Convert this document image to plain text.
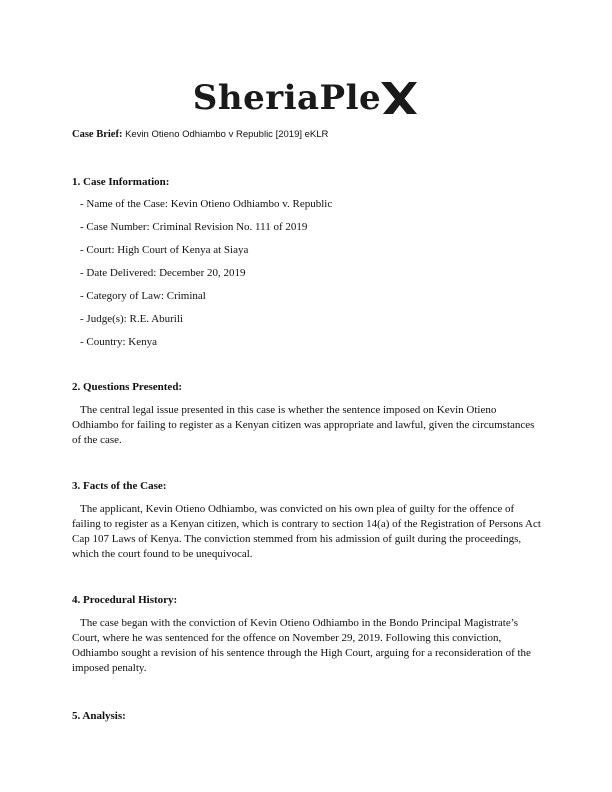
SheriaPle
Case Brief: Kevin Otieno Odhiambo v Republic [2019] eKLR
1. Case Information:
- Name of the Case: Kevin Otieno Odhiambo v. Republic
- Case Number: Criminal Revision No. 111 of 2019
- Court: High Court of Kenya at Siaya
- Date Delivered: December 20, 2019
- Category of Law: Criminal
- Judge(s): R.E. Aburili
- Country: Kenya
2. Questions Presented:
The central legal issue presented in this case is whether the sentence imposed on Kevin Otieno Odhiambo for failing to register as a Kenyan citizen was appropriate and lawful, given the circumstances of the case.
3. Facts of the Case:
The applicant, Kevin Otieno Odhiambo, was convicted on his own plea of guilty for the offence of failing to register as a Kenyan citizen, which is contrary to section 14(a) of the Registration of Persons Act Cap 107 Laws of Kenya. The conviction stemmed from his admission of guilt during the proceedings, which the court found to be unequivocal.
4. Procedural History:
The case began with the conviction of Kevin Otieno Odhiambo in the Bondo Principal Magistrate’s Court, where he was sentenced for the offence on November 29, 2019. Following this conviction, Odhiambo sought a revision of his sentence through the High Court, arguing for a reconsideration of the imposed penalty.
5. Analysis:
